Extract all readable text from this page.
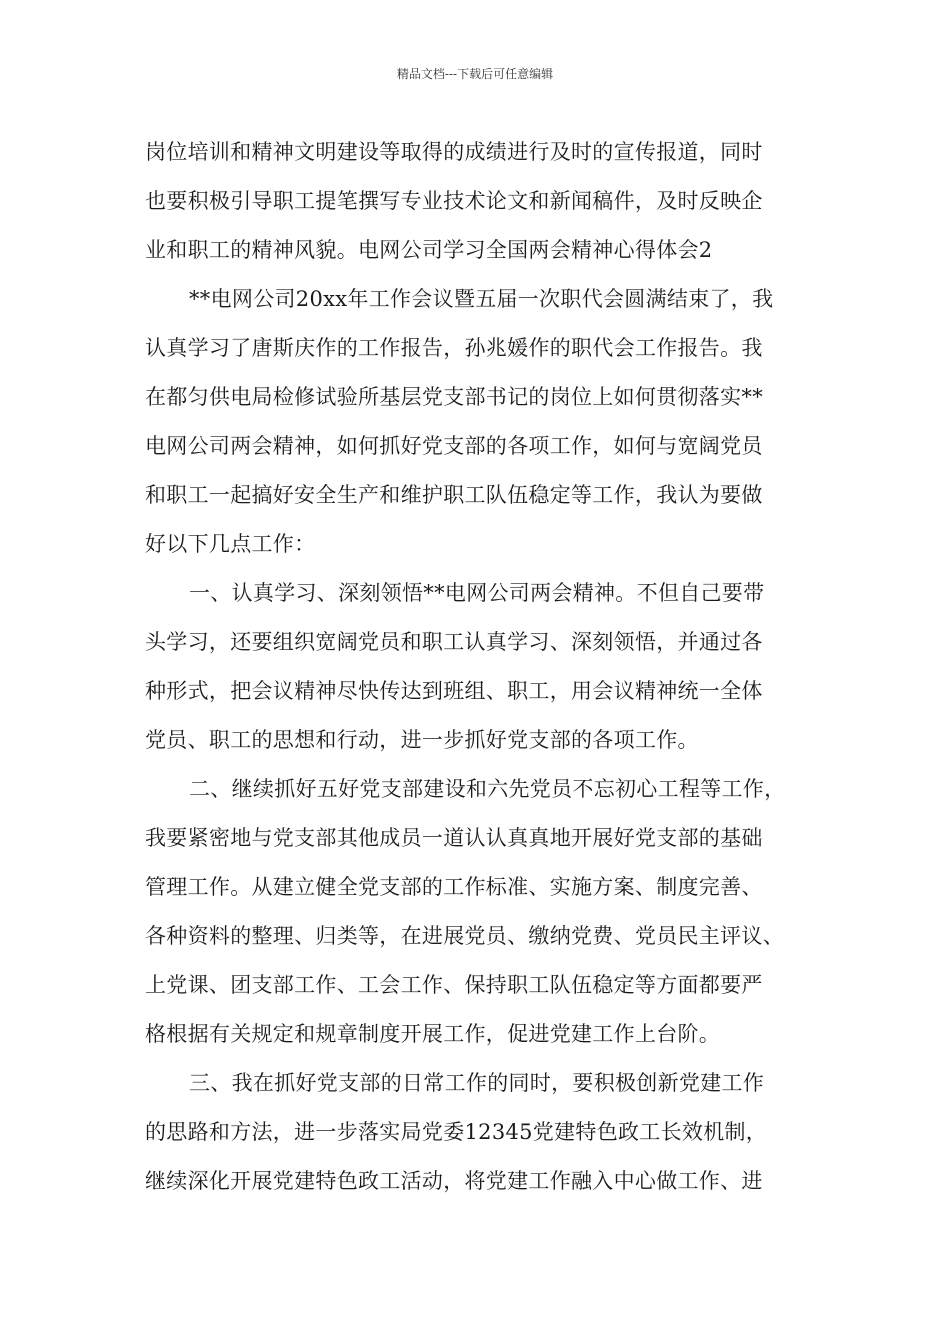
精品文档---下载后可任意编辑
岗位培训和精神文明建设等取得的成绩进行及时的宣传报道，同时
也要积极引导职工提笔撰写专业技术论文和新闻稿件，及时反映企
业和职工的精神风貌。电网公司学习全国两会精神心得体会2
**电网公司20xx年工作会议暨五届一次职代会圆满结束了，我
认真学习了唐斯庆作的工作报告，孙兆媛作的职代会工作报告。我
在都匀供电局检修试验所基层党支部书记的岗位上如何贯彻落实**
电网公司两会精神，如何抓好党支部的各项工作，如何与宽阔党员
和职工一起搞好安全生产和维护职工队伍稳定等工作，我认为要做
好以下几点工作：
一、认真学习、深刻领悟**电网公司两会精神。不但自己要带
头学习，还要组织宽阔党员和职工认真学习、深刻领悟，并通过各
种形式，把会议精神尽快传达到班组、职工，用会议精神统一全体
党员、职工的思想和行动，进一步抓好党支部的各项工作。
二、继续抓好五好党支部建设和六先党员不忘初心工程等工作，
我要紧密地与党支部其他成员一道认认真真地开展好党支部的基础
管理工作。从建立健全党支部的工作标准、实施方案、制度完善、
各种资料的整理、归类等，在进展党员、缴纳党费、党员民主评议、
上党课、团支部工作、工会工作、保持职工队伍稳定等方面都要严
格根据有关规定和规章制度开展工作，促进党建工作上台阶。
三、我在抓好党支部的日常工作的同时，要积极创新党建工作
的思路和方法，进一步落实局党委12345党建特色政工长效机制，
继续深化开展党建特色政工活动，将党建工作融入中心做工作、进
